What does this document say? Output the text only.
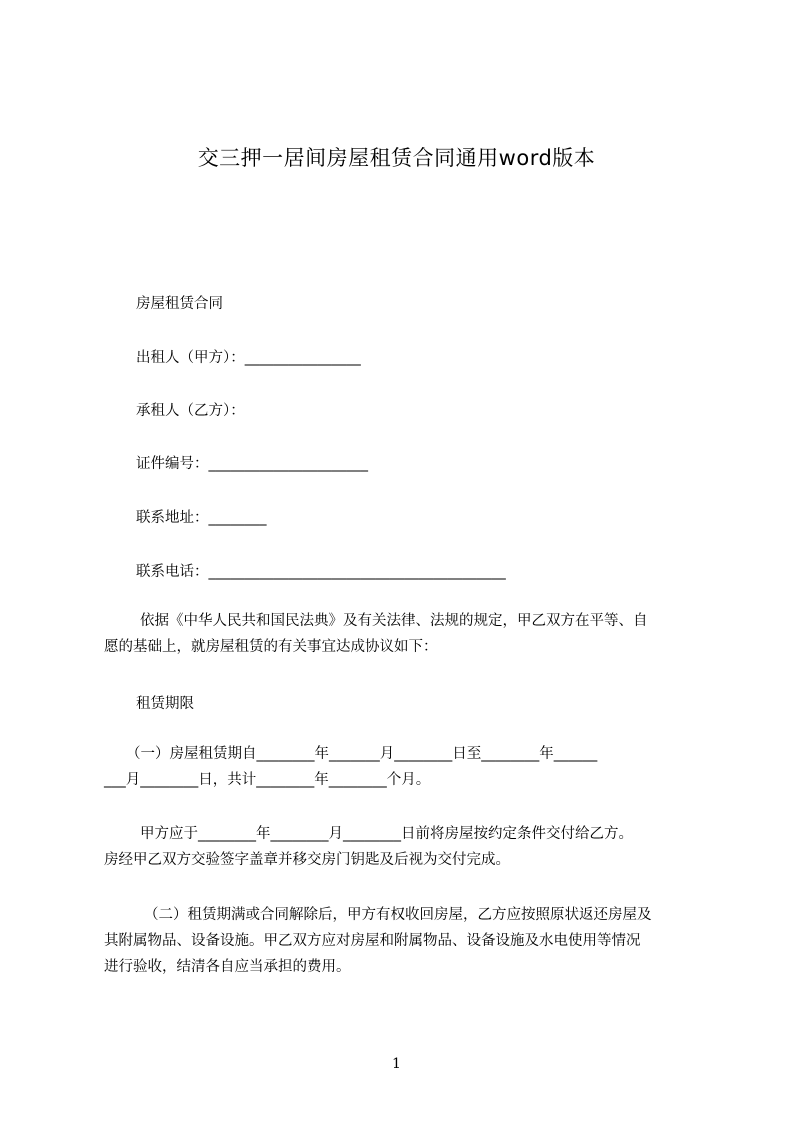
交三押一居间房屋租赁合同通用word版本
房屋租赁合同
出租人（甲方）：________________
承租人（乙方）：
证件编号：______________________
联系地址：________
联系电话：_________________________________________

依据《中华人民共和国民法典》及有关法律、法规的规定，甲乙双方在平等、自

愿的基础上，就房屋租赁的有关事宜达成协议如下：

租赁期限

（一）房屋租赁期自________年_______月________日至________年______

___月________日，共计________年________个月。

甲方应于________年________月________日前将房屋按约定条件交付给乙方。

房经甲乙双方交验签字盖章并移交房门钥匙及后视为交付完成。

（二）租赁期满或合同解除后，甲方有权收回房屋，乙方应按照原状返还房屋及

其附属物品、设备设施。甲乙双方应对房屋和附属物品、设备设施及水电使用等情况

进行验收，结清各自应当承担的费用。

1
